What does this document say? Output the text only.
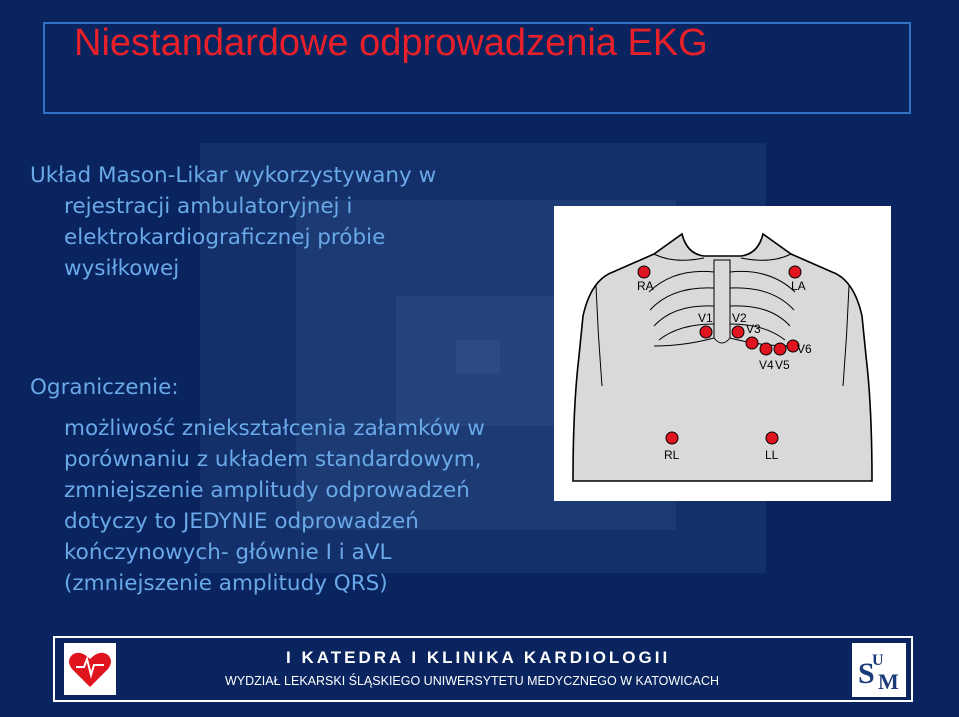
Niestandardowe odprowadzenia EKG
Układ Mason-Likar wykorzystywany w
rejestracji ambulatoryjnej i
elektrokardiograficznej próbie
wysiłkowej
Ograniczenie:
możliwość zniekształcenia załamków w
porównaniu z układem standardowym,
zmniejszenie amplitudy odprowadzeń
dotyczy to JEDYNIE odprowadzeń
kończynowych- głównie I i aVL
(zmniejszenie amplitudy QRS)
RA	LA
V1 V2
V3
V4 V5
V6
RL	LL
I KATEDRA I KLINIKA KARDIOLOGII
WYDZIAŁ LEKARSKI ŚLĄSKIEGO UNIWERSYTETU MEDYCZNEGO W KATOWICACH	S M
U
